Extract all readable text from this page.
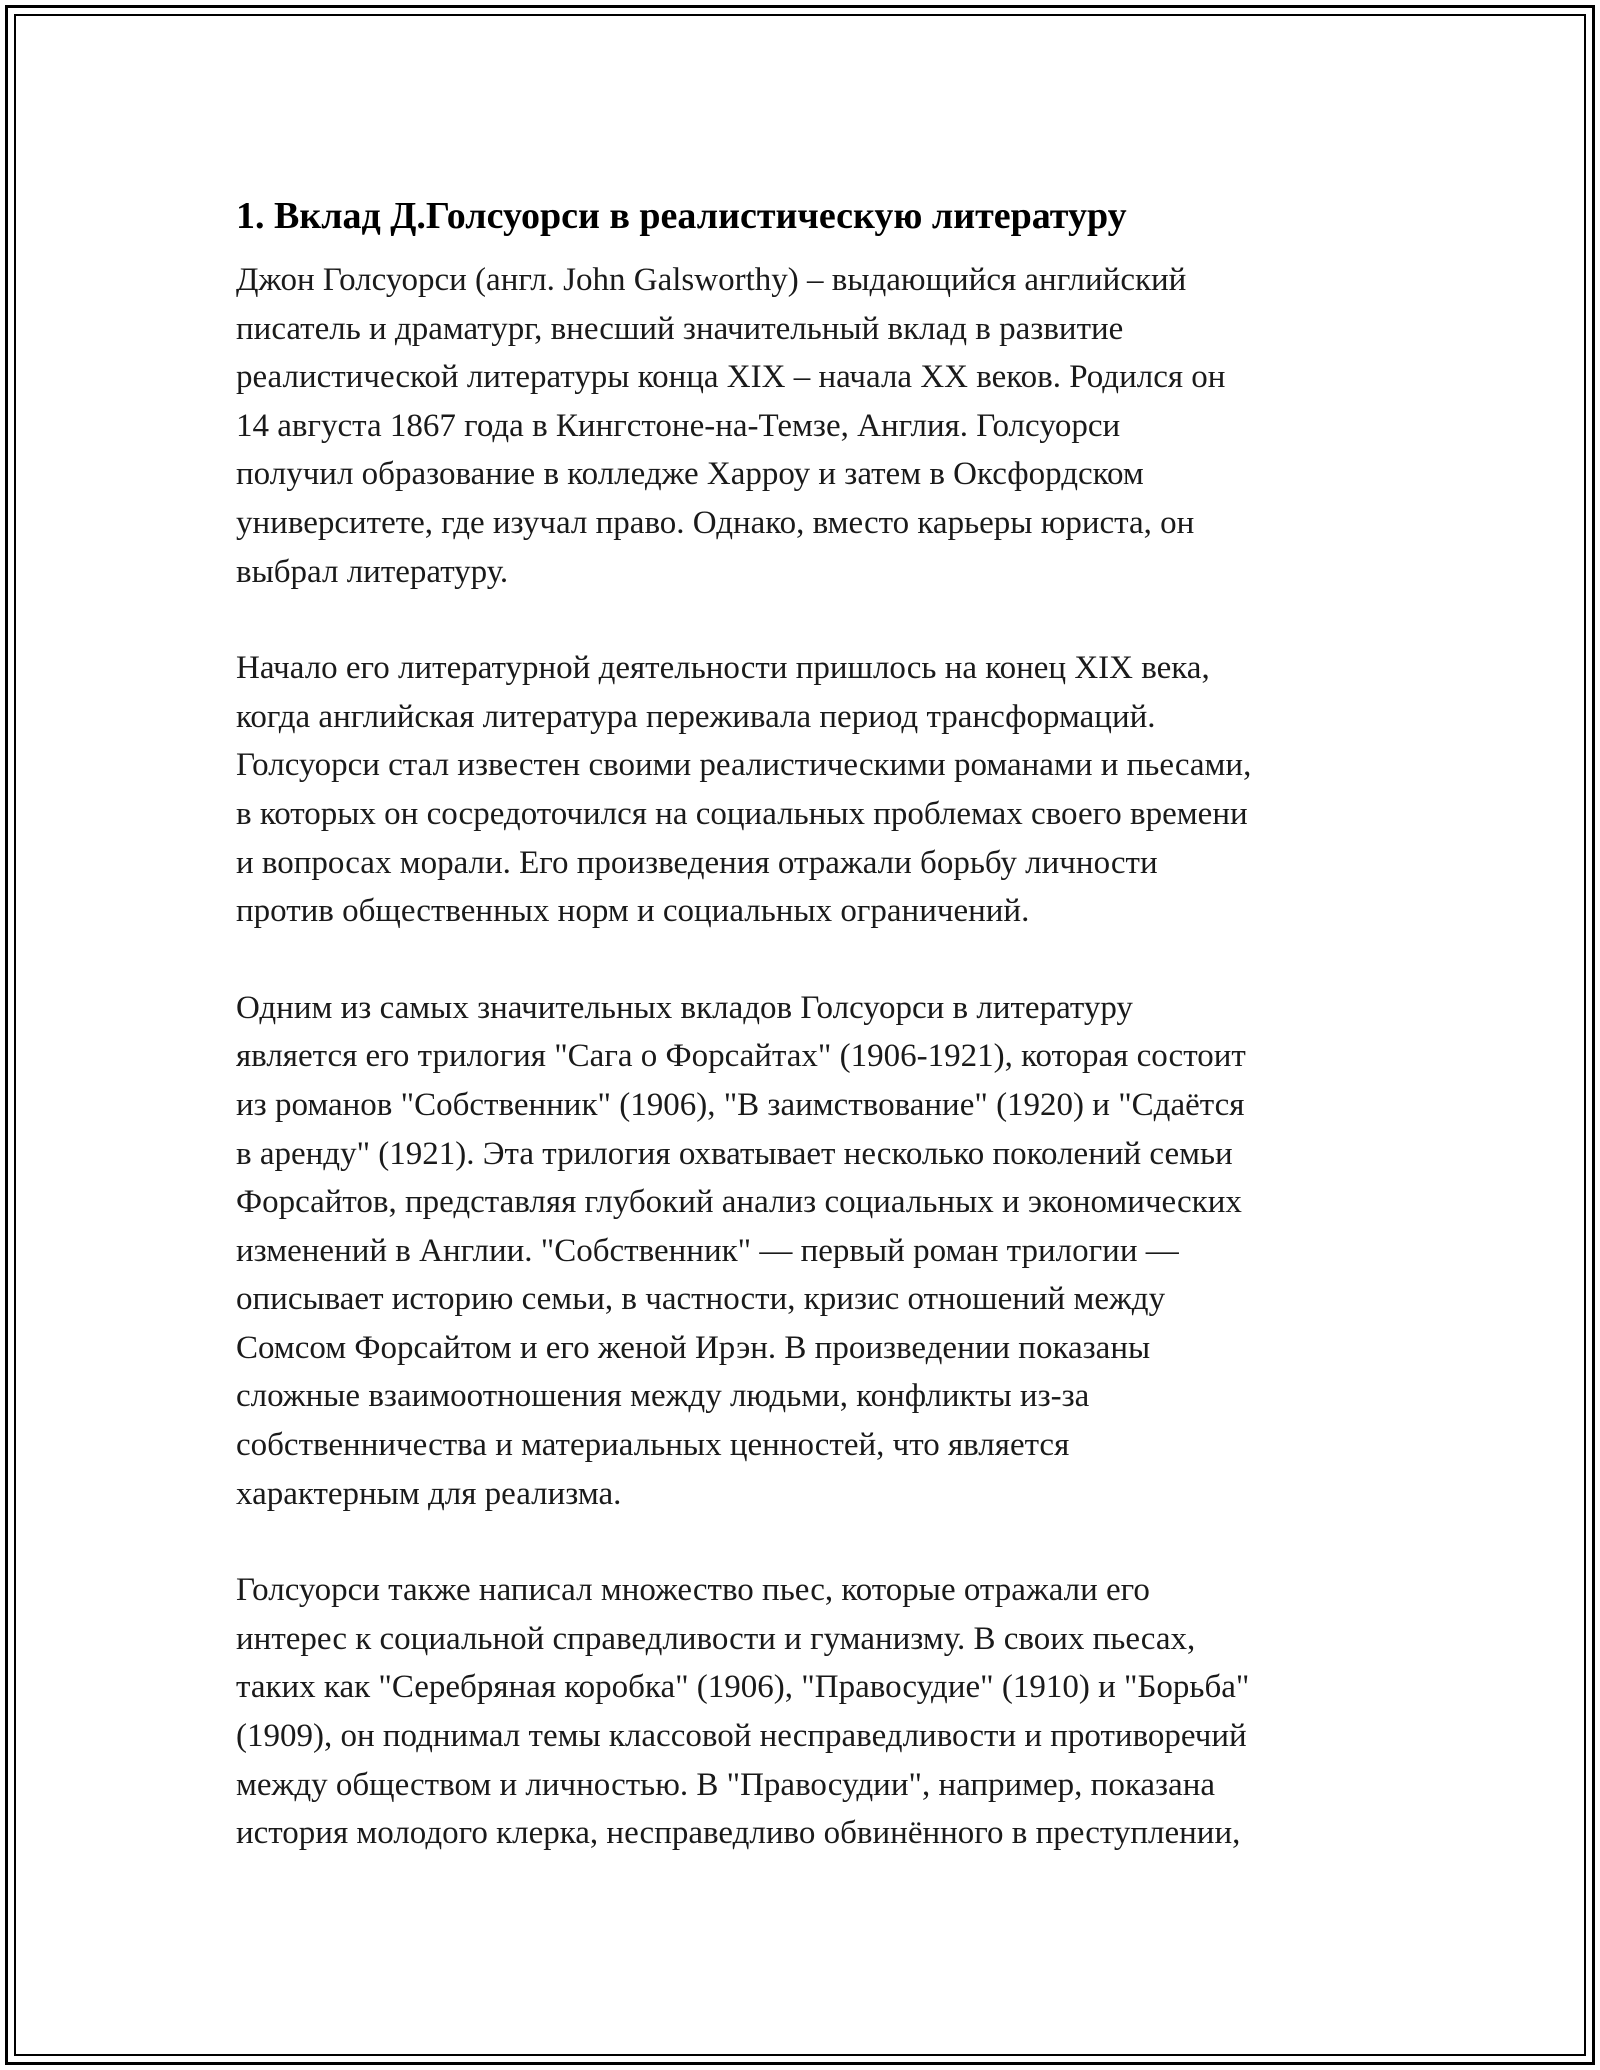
1. Вклад Д.Голсуорси в реалистическую литературу

Джон Голсуорси (англ. John Galsworthy) – выдающийся английский
писатель и драматург, внесший значительный вклад в развитие
реалистической литературы конца XIX – начала XX веков. Родился он
14 августа 1867 года в Кингстоне-на-Темзе, Англия. Голсуорси
получил образование в колледже Харроу и затем в Оксфордском
университете, где изучал право. Однако, вместо карьеры юриста, он
выбрал литературу.

Начало его литературной деятельности пришлось на конец XIX века,
когда английская литература переживала период трансформаций.
Голсуорси стал известен своими реалистическими романами и пьесами,
в которых он сосредоточился на социальных проблемах своего времени
и вопросах морали. Его произведения отражали борьбу личности
против общественных норм и социальных ограничений.

Одним из самых значительных вкладов Голсуорси в литературу
является его трилогия "Сага о Форсайтах" (1906-1921), которая состоит
из романов "Собственник" (1906), "В заимствование" (1920) и "Сдаётся
в аренду" (1921). Эта трилогия охватывает несколько поколений семьи
Форсайтов, представляя глубокий анализ социальных и экономических
изменений в Англии. "Собственник" — первый роман трилогии —
описывает историю семьи, в частности, кризис отношений между
Сомсом Форсайтом и его женой Ирэн. В произведении показаны
сложные взаимоотношения между людьми, конфликты из-за
собственничества и материальных ценностей, что является
характерным для реализма.

Голсуорси также написал множество пьес, которые отражали его
интерес к социальной справедливости и гуманизму. В своих пьесах,
таких как "Серебряная коробка" (1906), "Правосудие" (1910) и "Борьба"
(1909), он поднимал темы классовой несправедливости и противоречий
между обществом и личностью. В "Правосудии", например, показана
история молодого клерка, несправедливо обвинённого в преступлении,
